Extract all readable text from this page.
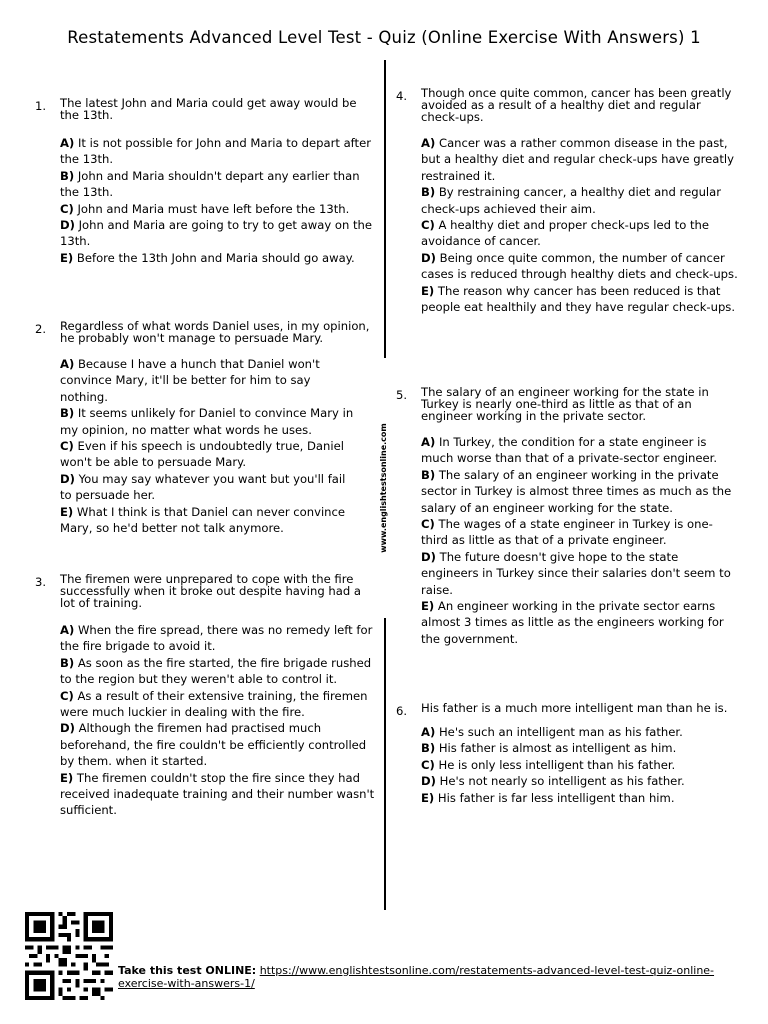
Restatements Advanced Level Test - Quiz (Online Exercise With Answers) 1
www.englishtestsonline.com
1. The latest John and Maria could get away would be the 13th.
A) It is not possible for John and Maria to depart after the 13th.
B) John and Maria shouldn't depart any earlier than the 13th.
C) John and Maria must have left before the 13th.
D) John and Maria are going to try to get away on the 13th.
E) Before the 13th John and Maria should go away.
2. Regardless of what words Daniel uses, in my opinion, he probably won't manage to persuade Mary.
A) Because I have a hunch that Daniel won't convince Mary, it'll be better for him to say nothing.
B) It seems unlikely for Daniel to convince Mary in my opinion, no matter what words he uses.
C) Even if his speech is undoubtedly true, Daniel won't be able to persuade Mary.
D) You may say whatever you want but you'll fail to persuade her.
E) What I think is that Daniel can never convince Mary, so he'd better not talk anymore.
3. The firemen were unprepared to cope with the fire successfully when it broke out despite having had a lot of training.
A) When the fire spread, there was no remedy left for the fire brigade to avoid it.
B) As soon as the fire started, the fire brigade rushed to the region but they weren't able to control it.
C) As a result of their extensive training, the firemen were much luckier in dealing with the fire.
D) Although the firemen had practised much beforehand, the fire couldn't be efficiently controlled by them. when it started.
E) The firemen couldn't stop the fire since they had received inadequate training and their number wasn't sufficient.
4. Though once quite common, cancer has been greatly avoided as a result of a healthy diet and regular check-ups.
A) Cancer was a rather common disease in the past, but a healthy diet and regular check-ups have greatly restrained it.
B) By restraining cancer, a healthy diet and regular check-ups achieved their aim.
C) A healthy diet and proper check-ups led to the avoidance of cancer.
D) Being once quite common, the number of cancer cases is reduced through healthy diets and check-ups.
E) The reason why cancer has been reduced is that people eat healthily and they have regular check-ups.
5. The salary of an engineer working for the state in Turkey is nearly one-third as little as that of an engineer working in the private sector.
A) In Turkey, the condition for a state engineer is much worse than that of a private-sector engineer.
B) The salary of an engineer working in the private sector in Turkey is almost three times as much as the salary of an engineer working for the state.
C) The wages of a state engineer in Turkey is one-third as little as that of a private engineer.
D) The future doesn't give hope to the state engineers in Turkey since their salaries don't seem to raise.
E) An engineer working in the private sector earns almost 3 times as little as the engineers working for the government.
6. His father is a much more intelligent man than he is.
A) He's such an intelligent man as his father.
B) His father is almost as intelligent as him.
C) He is only less intelligent than his father.
D) He's not nearly so intelligent as his father.
E) His father is far less intelligent than him.
Take this test ONLINE: https://www.englishtestsonline.com/restatements-advanced-level-test-quiz-online-exercise-with-answers-1/
